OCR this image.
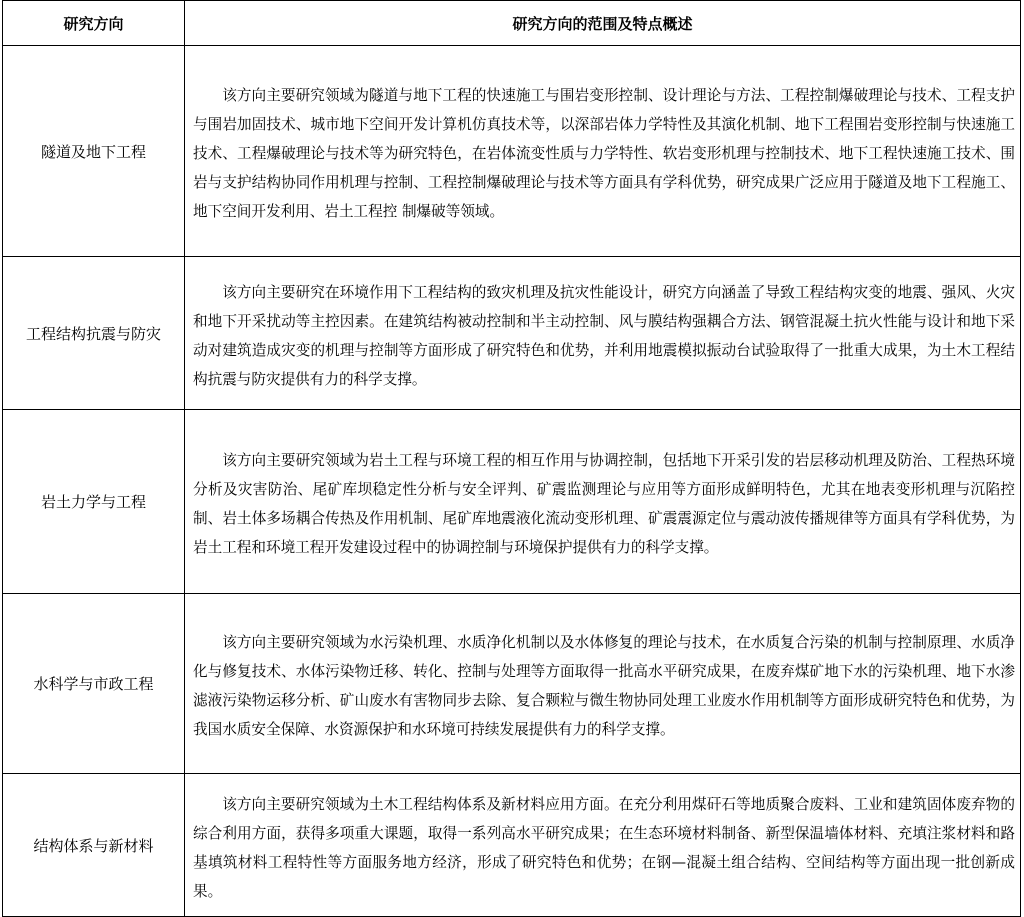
研究方向	研究方向的范围及特点概述
隧道及地下工程	该方向主要研究领域为隧道与地下工程的快速施工与围岩变形控制、设计理论与方法、工程控制爆破理论与技术、工程支护与围岩加固技术、城市地下空间开发计算机仿真技术等，以深部岩体力学特性及其演化机制、地下工程围岩变形控制与快速施工技术、工程爆破理论与技术等为研究特色，在岩体流变性质与力学特性、软岩变形机理与控制技术、地下工程快速施工技术、围岩与支护结构协同作用机理与控制、工程控制爆破理论与技术等方面具有学科优势，研究成果广泛应用于隧道及地下工程施工、地下空间开发利用、岩土工程控 制爆破等领域。

工程结构抗震与防灾	该方向主要研究在环境作用下工程结构的致灾机理及抗灾性能设计，研究方向涵盖了导致工程结构灾变的地震、强风、火灾和地下开采扰动等主控因素。在建筑结构被动控制和半主动控制、风与膜结构强耦合方法、钢管混凝土抗火性能与设计和地下采动对建筑造成灾变的机理与控制等方面形成了研究特色和优势，并利用地震模拟振动台试验取得了一批重大成果，为土木工程结构抗震与防灾提供有力的科学支撑。

岩土力学与工程	该方向主要研究领域为岩土工程与环境工程的相互作用与协调控制，包括地下开采引发的岩层移动机理及防治、工程热环境分析及灾害防治、尾矿库坝稳定性分析与安全评判、矿震监测理论与应用等方面形成鲜明特色，尤其在地表变形机理与沉陷控制、岩土体多场耦合传热及作用机制、尾矿库地震液化流动变形机理、矿震震源定位与震动波传播规律等方面具有学科优势，为岩土工程和环境工程开发建设过程中的协调控制与环境保护提供有力的科学支撑。

水科学与市政工程	该方向主要研究领域为水污染机理、水质净化机制以及水体修复的理论与技术，在水质复合污染的机制与控制原理、水质净化与修复技术、水体污染物迁移、转化、控制与处理等方面取得一批高水平研究成果，在废弃煤矿地下水的污染机理、地下水渗滤液污染物运移分析、矿山废水有害物同步去除、复合颗粒与微生物协同处理工业废水作用机制等方面形成研究特色和优势，为我国水质安全保障、水资源保护和水环境可持续发展提供有力的科学支撑。

结构体系与新材料	该方向主要研究领域为土木工程结构体系及新材料应用方面。在充分利用煤矸石等地质聚合废料、工业和建筑固体废弃物的综合利用方面，获得多项重大课题，取得一系列高水平研究成果；在生态环境材料制备、新型保温墙体材料、充填注浆材料和路基填筑材料工程特性等方面服务地方经济，形成了研究特色和优势；在钢—混凝土组合结构、空间结构等方面出现一批创新成果。
